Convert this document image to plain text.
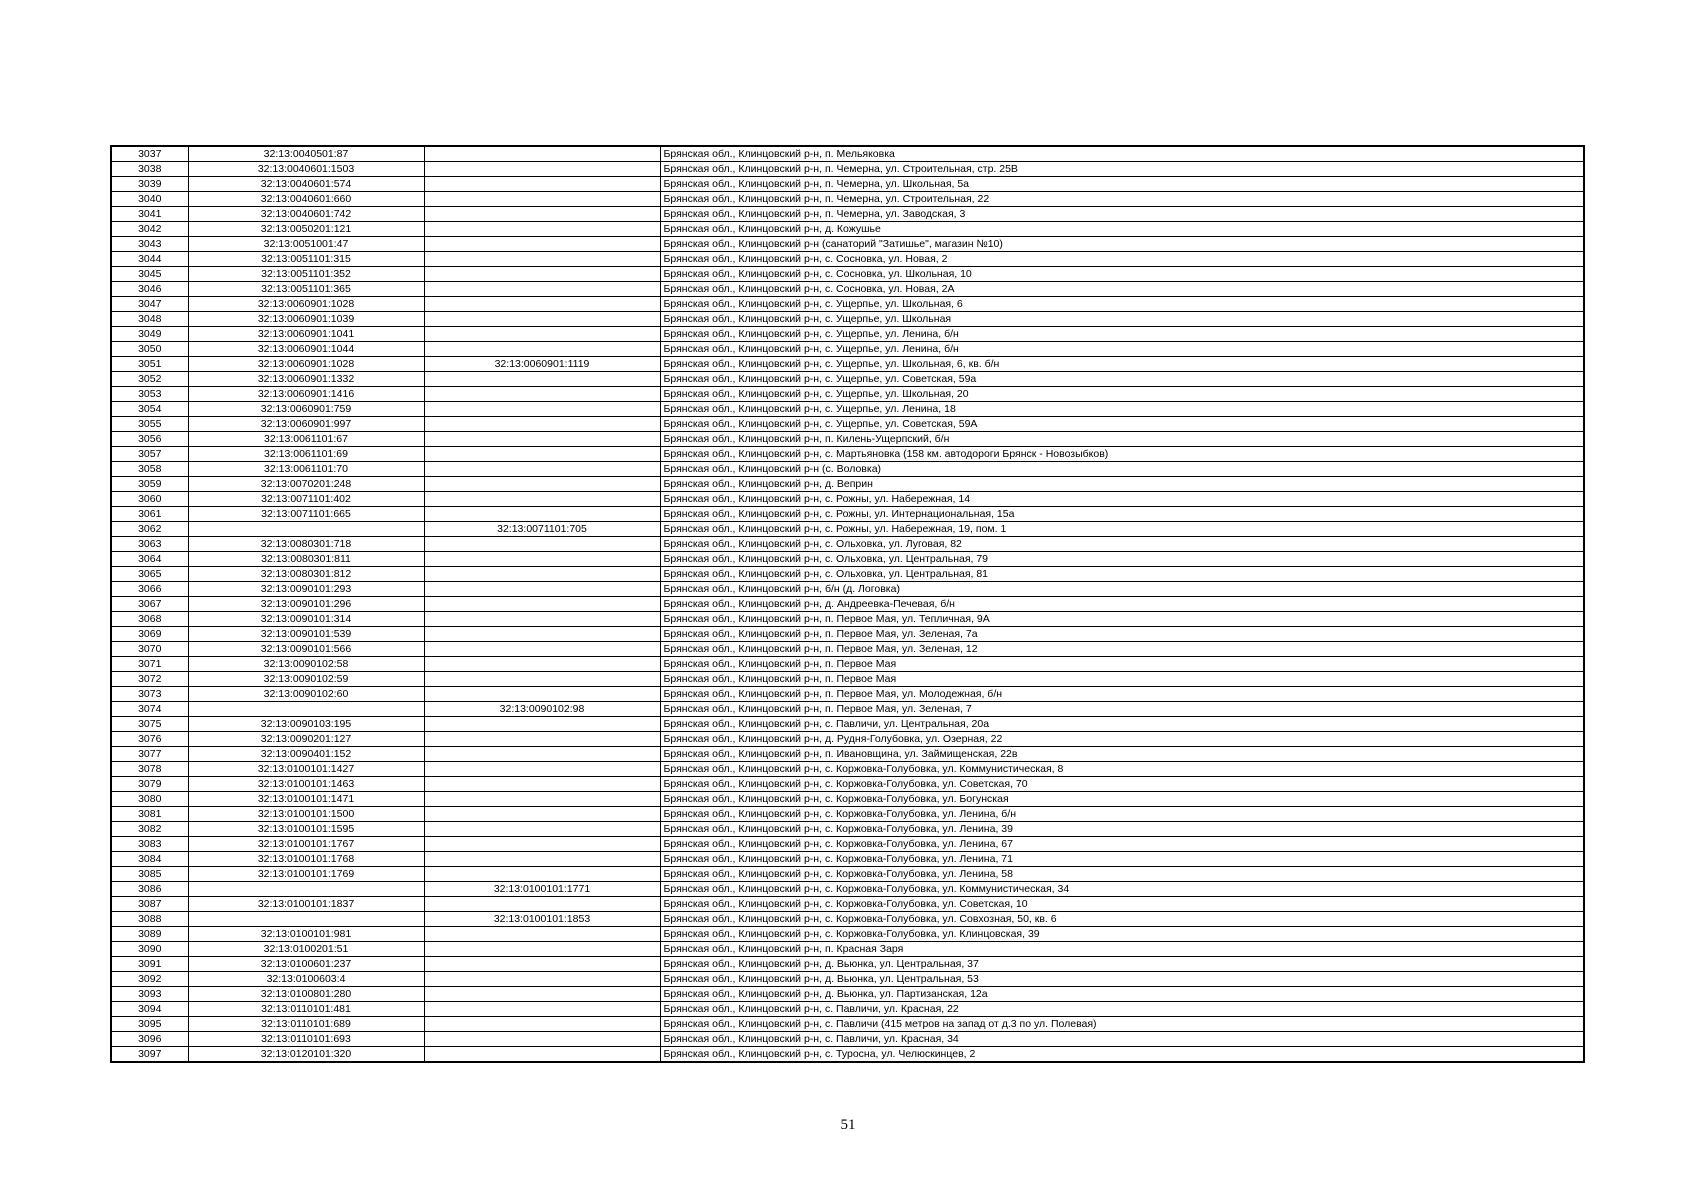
3037	32:13:0040501:87		Брянская обл., Клинцовский р-н, п. Мельяковка
3038	32:13:0040601:1503		Брянская обл., Клинцовский р-н, п. Чемерна, ул. Строительная, стр. 25В
3039	32:13:0040601:574		Брянская обл., Клинцовский р-н, п. Чемерна, ул. Школьная, 5а
3040	32:13:0040601:660		Брянская обл., Клинцовский р-н, п. Чемерна, ул. Строительная, 22
3041	32:13:0040601:742		Брянская обл., Клинцовский р-н, п. Чемерна, ул. Заводская, 3
3042	32:13:0050201:121		Брянская обл., Клинцовский р-н, д. Кожушье
3043	32:13:0051001:47		Брянская обл., Клинцовский р-н (санаторий "Затишье", магазин №10)
3044	32:13:0051101:315		Брянская обл., Клинцовский р-н, с. Сосновка, ул. Новая, 2
3045	32:13:0051101:352		Брянская обл., Клинцовский р-н, с. Сосновка, ул. Школьная, 10
3046	32:13:0051101:365		Брянская обл., Клинцовский р-н, с. Сосновка, ул. Новая, 2А
3047	32:13:0060901:1028		Брянская обл., Клинцовский р-н, с. Ущерпье, ул. Школьная, 6
3048	32:13:0060901:1039		Брянская обл., Клинцовский р-н, с. Ущерпье, ул. Школьная
3049	32:13:0060901:1041		Брянская обл., Клинцовский р-н, с. Ущерпье, ул. Ленина, б/н
3050	32:13:0060901:1044		Брянская обл., Клинцовский р-н, с. Ущерпье, ул. Ленина, б/н
3051	32:13:0060901:1028	32:13:0060901:1119	Брянская обл., Клинцовский р-н, с. Ущерпье, ул. Школьная, 6, кв. б/н
3052	32:13:0060901:1332		Брянская обл., Клинцовский р-н, с. Ущерпье, ул. Советская, 59а
3053	32:13:0060901:1416		Брянская обл., Клинцовский р-н, с. Ущерпье, ул. Школьная, 20
3054	32:13:0060901:759		Брянская обл., Клинцовский р-н, с. Ущерпье, ул. Ленина, 18
3055	32:13:0060901:997		Брянская обл., Клинцовский р-н, с. Ущерпье, ул. Советская, 59А
3056	32:13:0061101:67		Брянская обл., Клинцовский р-н, п. Килень-Ущерпский, б/н
3057	32:13:0061101:69		Брянская обл., Клинцовский р-н, с. Мартьяновка (158 км. автодороги Брянск - Новозыбков)
3058	32:13:0061101:70		Брянская обл., Клинцовский р-н (с. Воловка)
3059	32:13:0070201:248		Брянская обл., Клинцовский р-н, д. Веприн
3060	32:13:0071101:402		Брянская обл., Клинцовский р-н, с. Рожны, ул. Набережная, 14
3061	32:13:0071101:665		Брянская обл., Клинцовский р-н, с. Рожны, ул. Интернациональная, 15а
3062		32:13:0071101:705	Брянская обл., Клинцовский р-н, с. Рожны, ул. Набережная, 19, пом. 1
3063	32:13:0080301:718		Брянская обл., Клинцовский р-н, с. Ольховка, ул. Луговая, 82
3064	32:13:0080301:811		Брянская обл., Клинцовский р-н, с. Ольховка, ул. Центральная, 79
3065	32:13:0080301:812		Брянская обл., Клинцовский р-н, с. Ольховка, ул. Центральная, 81
3066	32:13:0090101:293		Брянская обл., Клинцовский р-н, б/н (д. Логовка)
3067	32:13:0090101:296		Брянская обл., Клинцовский р-н, д. Андреевка-Печевая, б/н
3068	32:13:0090101:314		Брянская обл., Клинцовский р-н, п. Первое Мая, ул. Тепличная, 9А
3069	32:13:0090101:539		Брянская обл., Клинцовский р-н, п. Первое Мая, ул. Зеленая, 7а
3070	32:13:0090101:566		Брянская обл., Клинцовский р-н, п. Первое Мая, ул. Зеленая, 12
3071	32:13:0090102:58		Брянская обл., Клинцовский р-н, п. Первое Мая
3072	32:13:0090102:59		Брянская обл., Клинцовский р-н, п. Первое Мая
3073	32:13:0090102:60		Брянская обл., Клинцовский р-н, п. Первое Мая, ул. Молодежная, б/н
3074		32:13:0090102:98	Брянская обл., Клинцовский р-н, п. Первое Мая, ул. Зеленая, 7
3075	32:13:0090103:195		Брянская обл., Клинцовский р-н, с. Павличи, ул. Центральная, 20а
3076	32:13:0090201:127		Брянская обл., Клинцовский р-н, д. Рудня-Голубовка, ул. Озерная, 22
3077	32:13:0090401:152		Брянская обл., Клинцовский р-н, п. Ивановщина, ул. Займищенская, 22в
3078	32:13:0100101:1427		Брянская обл., Клинцовский р-н, с. Коржовка-Голубовка, ул. Коммунистическая, 8
3079	32:13:0100101:1463		Брянская обл., Клинцовский р-н, с. Коржовка-Голубовка, ул. Советская, 70
3080	32:13:0100101:1471		Брянская обл., Клинцовский р-н, с. Коржовка-Голубовка, ул. Богунская
3081	32:13:0100101:1500		Брянская обл., Клинцовский р-н, с. Коржовка-Голубовка, ул. Ленина, б/н
3082	32:13:0100101:1595		Брянская обл., Клинцовский р-н, с. Коржовка-Голубовка, ул. Ленина, 39
3083	32:13:0100101:1767		Брянская обл., Клинцовский р-н, с. Коржовка-Голубовка, ул. Ленина, 67
3084	32:13:0100101:1768		Брянская обл., Клинцовский р-н, с. Коржовка-Голубовка, ул. Ленина, 71
3085	32:13:0100101:1769		Брянская обл., Клинцовский р-н, с. Коржовка-Голубовка, ул. Ленина, 58
3086		32:13:0100101:1771	Брянская обл., Клинцовский р-н, с. Коржовка-Голубовка, ул. Коммунистическая, 34
3087	32:13:0100101:1837		Брянская обл., Клинцовский р-н, с. Коржовка-Голубовка, ул. Советская, 10
3088		32:13:0100101:1853	Брянская обл., Клинцовский р-н, с. Коржовка-Голубовка, ул. Совхозная, 50, кв. 6
3089	32:13:0100101:981		Брянская обл., Клинцовский р-н, с. Коржовка-Голубовка, ул. Клинцовская, 39
3090	32:13:0100201:51		Брянская обл., Клинцовский р-н, п. Красная Заря
3091	32:13:0100601:237		Брянская обл., Клинцовский р-н, д. Вьюнка, ул. Центральная, 37
3092	32:13:0100603:4		Брянская обл., Клинцовский р-н, д. Вьюнка, ул. Центральная, 53
3093	32:13:0100801:280		Брянская обл., Клинцовский р-н, д. Вьюнка, ул. Партизанская, 12а
3094	32:13:0110101:481		Брянская обл., Клинцовский р-н, с. Павличи, ул. Красная, 22
3095	32:13:0110101:689		Брянская обл., Клинцовский р-н, с. Павличи (415 метров на запад от д.3 по ул. Полевая)
3096	32:13:0110101:693		Брянская обл., Клинцовский р-н, с. Павличи, ул. Красная, 34
3097	32:13:0120101:320		Брянская обл., Клинцовский р-н, с. Туросна, ул. Челюскинцев, 2
51
